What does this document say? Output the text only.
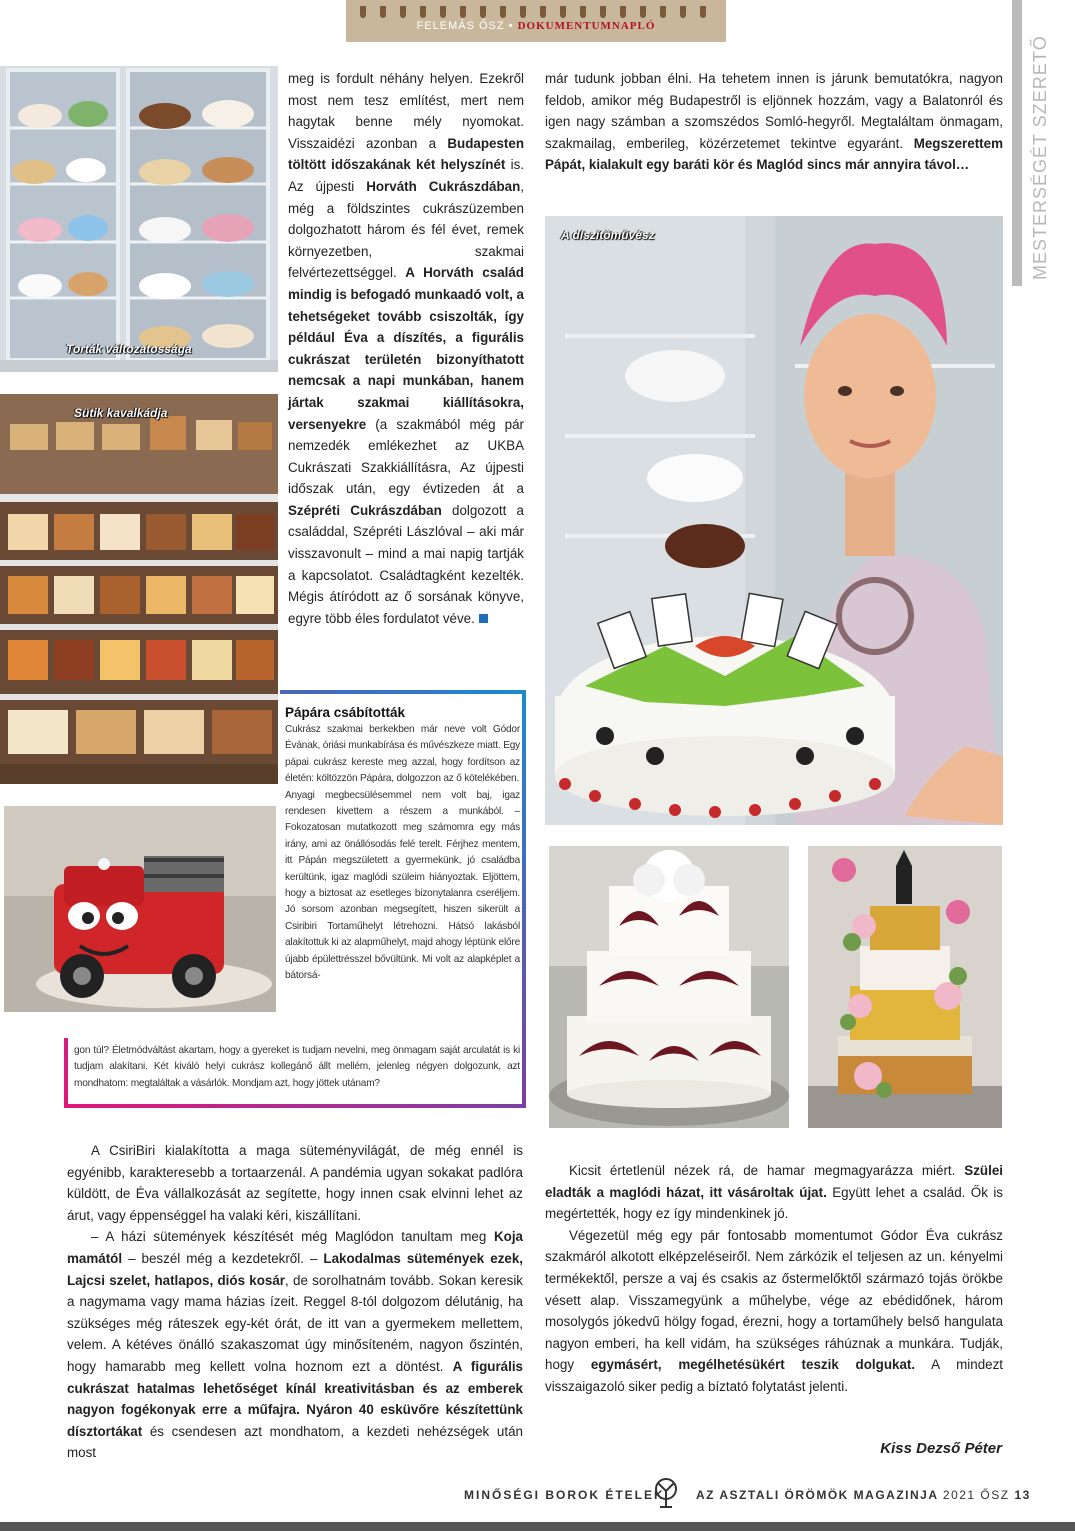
FELEMÁS ŐSZ • DOKUMENTUMNAPLÓ
MESTERSÉGÉT SZERETŐ
Torták változatossága
Sütik kavalkádja
A díszítőművész

meg is fordult néhány helyen. Ezekről most nem tesz említést, mert nem hagytak benne mély nyomokat. Visszaidézi azonban a Budapesten töltött időszakának két helyszínét is. Az újpesti Horváth Cukrászdában, még a földszintes cukrászüzemben dolgozhatott három és fél évet, remek környezetben, szakmai felvértezettséggel. A Horváth család mindig is befogadó munkaadó volt, a tehetségeket tovább csiszolták, így például Éva a díszítés, a figurális cukrászat területén bizonyíthatott nemcsak a napi munkában, hanem jártak szakmai kiállításokra, versenyekre (a szakmából még pár nemzedék emlékezhet az UKBA Cukrászati Szakkiállításra, Az újpesti időszak után, egy évtizeden át a Szépréti Cukrászdában dolgozott a családdal, Szépréti Lászlóval – aki már visszavonult – mind a mai napig tartják a kapcsolatot. Családtagként kezelték. Mégis átíródott az ő sorsának könyve, egyre több éles fordulatot véve.

már tudunk jobban élni. Ha tehetem innen is járunk bemutatókra, nagyon feldob, amikor még Budapestről is eljönnek hozzám, vagy a Balatonról és igen nagy számban a szomszédos Somló-hegyről. Megtaláltam önmagam, szakmailag, emberileg, közérzetemet tekintve egyaránt. Megszerettem Pápát, kialakult egy baráti kör és Maglód sincs már annyira távol…

Pápára csábították

Cukrász szakmai berkekben már neve volt Gódor Évának, óriási munkabírása és művészkeze miatt. Egy pápai cukrász kereste meg azzal, hogy fordítson az életén: költözzön Pápára, dolgozzon az ő kötelékében.

Anyagi megbecsülésemmel nem volt baj, igaz rendesen kivettem a részem a munkából. – Fokozatosan mutatkozott meg számomra egy más irány, ami az önállósodás felé terelt. Férjhez mentem, itt Pápán megszületett a gyermekünk, jó családba kerültünk, igaz maglódi szüleim hiányoztak. Eljöttem, hogy a biztosat az esetleges bizonytalanra cseréljem. Jó sorsom azonban megsegített, hiszen sikerült a Csiribiri Tortaműhelyt létrehozni. Hátsó lakásból alakítottuk ki az alapműhelyt, majd ahogy léptünk előre újabb épülettrésszel bővültünk. Mi volt az alapképlet a bátorsá-

gon túl? Életmódváltást akartam, hogy a gyereket is tudjam nevelni, meg önmagam saját arculatát is ki tudjam alakítani. Két kiváló helyi cukrász kollegánő állt mellém, jelenleg négyen dolgozunk, azt mondhatom: megtaláltak a vásárlók. Mondjam azt, hogy jöttek utánam?

A CsiriBiri kialakította a maga süteményvilágát, de még ennél is egyénibb, karakteresebb a tortaarzenál. A pandémia ugyan sokakat padlóra küldött, de Éva vállalkozását az segítette, hogy innen csak elvinni lehet az árut, vagy éppenséggel ha valaki kéri, kiszállítani.

– A házi sütemények készítését még Maglódon tanultam meg Koja mamától – beszél még a kezdetekről. – Lakodalmas sütemények ezek, Lajcsi szelet, hatlapos, diós kosár, de sorolhatnám tovább. Sokan keresik a nagymama vagy mama házias ízeit. Reggel 8-tól dolgozom délutánig, ha szükséges még ráteszek egy-két órát, de itt van a gyermekem mellettem, velem. A kétéves önálló szakaszomat úgy minősíteném, nagyon őszintén, hogy hamarabb meg kellett volna hoznom ezt a döntést. A figurális cukrászat hatalmas lehetőséget kínál kreativitásban és az emberek nagyon fogékonyak erre a műfajra. Nyáron 40 esküvőre készítettünk dísztortákat és csendesen azt mondhatom, a kezdeti nehézségek után most

Kicsit értetlenül nézek rá, de hamar megmagyarázza miért. Szülei eladták a maglódi házat, itt vásároltak újat. Együtt lehet a család. Ők is megértették, hogy ez így mindenkinek jó.

Végezetül még egy pár fontosabb momentumot Gódor Éva cukrász szakmáról alkotott elképzeléseiről. Nem zárkózik el teljesen az un. kényelmi termékektől, persze a vaj és csakis az őstermelőktől származó tojás örökbe vésett alap. Visszamegyünk a műhelybe, vége az ebédidőnek, három mosolygós jókedvű hölgy fogad, érezni, hogy a tortaműhely belső hangulata nagyon emberi, ha kell vidám, ha szükséges ráhúznak a munkára. Tudják, hogy egymásért, megélhetésükért teszik dolgukat. A mindezt visszaigazoló siker pedig a bíztató folytatást jelenti.

Kiss Dezső Péter
MINŐSÉGI BOROK ÉTELEK	AZ ASZTALI ÖRÖMÖK MAGAZINJA 2021 ŐSZ 13
